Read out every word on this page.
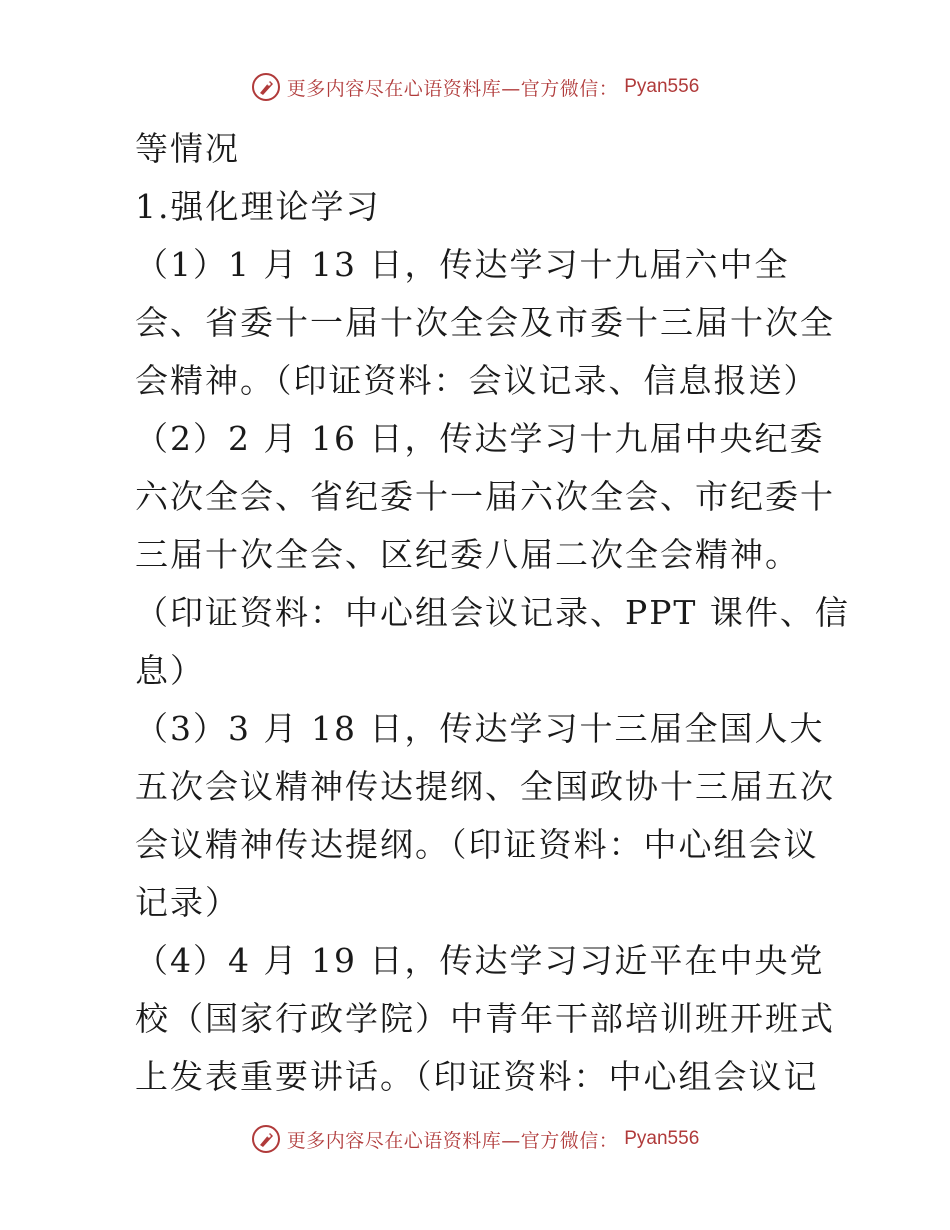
更多内容尽在心语资料库—官方微信： Pyan556
等情况
1.强化理论学习
（1）1 月 13 日，传达学习十九届六中全
会、省委十一届十次全会及市委十三届十次全
会精神。（印证资料：会议记录、信息报送）
（2）2 月 16 日，传达学习十九届中央纪委
六次全会、省纪委十一届六次全会、市纪委十
三届十次全会、区纪委八届二次全会精神。
（印证资料：中心组会议记录、PPT 课件、信
息）
（3）3 月 18 日，传达学习十三届全国人大
五次会议精神传达提纲、全国政协十三届五次
会议精神传达提纲。（印证资料：中心组会议
记录）
（4）4 月 19 日，传达学习习近平在中央党
校（国家行政学院）中青年干部培训班开班式
上发表重要讲话。（印证资料：中心组会议记
更多内容尽在心语资料库—官方微信： Pyan556
